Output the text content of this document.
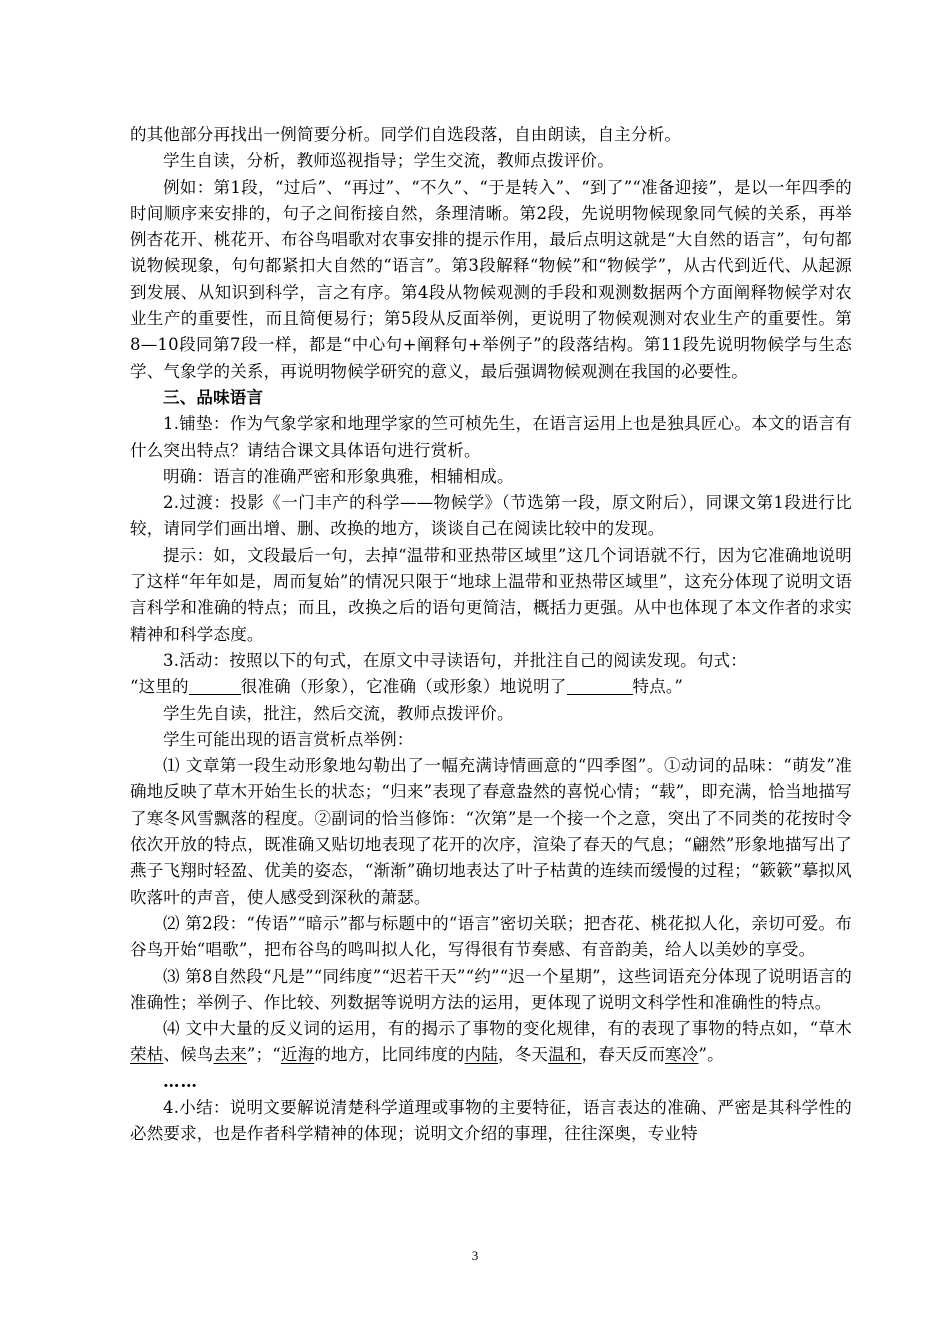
的其他部分再找出一例简要分析。同学们自选段落，自由朗读，自主分析。

学生自读，分析，教师巡视指导；学生交流，教师点拨评价。

例如：第1段，“过后”、“再过”、“不久”、“于是转入”、“到了”“准备迎接”，是以一年四季的时间顺序来安排的，句子之间衔接自然，条理清晰。第2段，先说明物候现象同气候的关系，再举例杏花开、桃花开、布谷鸟唱歌对农事安排的提示作用，最后点明这就是“大自然的语言”，句句都说物候现象，句句都紧扣大自然的“语言”。第3段解释“物候”和“物候学”，从古代到近代、从起源到发展、从知识到科学，言之有序。第4段从物候观测的手段和观测数据两个方面阐释物候学对农业生产的重要性，而且简便易行；第5段从反面举例，更说明了物候观测对农业生产的重要性。第8—10段同第7段一样，都是“中心句+阐释句+举例子”的段落结构。第11段先说明物候学与生态学、气象学的关系，再说明物候学研究的意义，最后强调物候观测在我国的必要性。

三、品味语言

1.铺垫：作为气象学家和地理学家的竺可桢先生，在语言运用上也是独具匠心。本文的语言有什么突出特点？请结合课文具体语句进行赏析。

明确：语言的准确严密和形象典雅，相辅相成。

2.过渡：投影《一门丰产的科学——物候学》（节选第一段，原文附后），同课文第1段进行比较，请同学们画出增、删、改换的地方，谈谈自己在阅读比较中的发现。

提示：如，文段最后一句，去掉“温带和亚热带区域里”这几个词语就不行，因为它准确地说明了这样“年年如是，周而复始”的情况只限于“地球上温带和亚热带区域里”，这充分体现了说明文语言科学和准确的特点；而且，改换之后的语句更简洁，概括力更强。从中也体现了本文作者的求实精神和科学态度。

3.活动：按照以下的句式，在原文中寻读语句，并批注自己的阅读发现。句式：

“这里的	很准确（形象），它准确（或形象）地说明了	特点。”

学生先自读，批注，然后交流，教师点拨评价。

学生可能出现的语言赏析点举例：

⑴ 文章第一段生动形象地勾勒出了一幅充满诗情画意的“四季图”。①动词的品味：“萌发”准确地反映了草木开始生长的状态；“归来”表现了春意盎然的喜悦心情；“载”，即充满，恰当地描写了寒冬风雪飘落的程度。②副词的恰当修饰：“次第”是一个接一个之意，突出了不同类的花按时令依次开放的特点，既准确又贴切地表现了花开的次序，渲染了春天的气息；“翩然”形象地描写出了燕子飞翔时轻盈、优美的姿态，“渐渐”确切地表达了叶子枯黄的连续而缓慢的过程；“簌簌”摹拟风吹落叶的声音，使人感受到深秋的萧瑟。

⑵ 第2段：“传语”“暗示”都与标题中的“语言”密切关联；把杏花、桃花拟人化，亲切可爱。布谷鸟开始“唱歌”，把布谷鸟的鸣叫拟人化，写得很有节奏感、有音韵美，给人以美妙的享受。

⑶ 第8自然段“凡是”“同纬度”“迟若干天”“约”“迟一个星期”，这些词语充分体现了说明语言的准确性；举例子、作比较、列数据等说明方法的运用，更体现了说明文科学性和准确性的特点。

⑷ 文中大量的反义词的运用，有的揭示了事物的变化规律，有的表现了事物的特点如，“草木荣枯、候鸟去来”；“近海的地方，比同纬度的内陆，冬天温和，春天反而寒冷”。

……

4.小结：说明文要解说清楚科学道理或事物的主要特征，语言表达的准确、严密是其科学性的必然要求，也是作者科学精神的体现；说明文介绍的事理，往往深奥，专业特

3
